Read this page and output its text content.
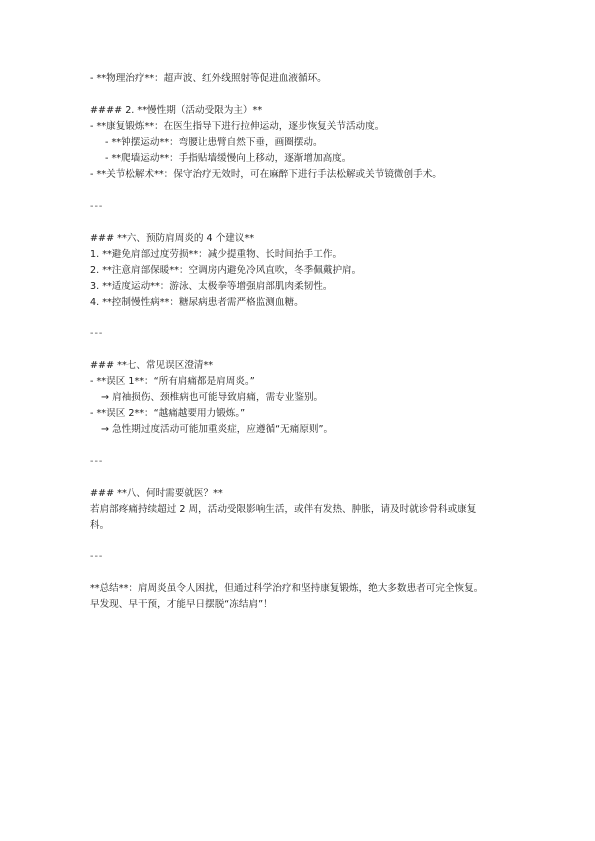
- **物理治疗**：超声波、红外线照射等促进血液循环。
#### 2. **慢性期（活动受限为主）**
- **康复锻炼**：在医生指导下进行拉伸运动，逐步恢复关节活动度。
- **钟摆运动**：弯腰让患臂自然下垂，画圈摆动。
- **爬墙运动**：手指贴墙缓慢向上移动，逐渐增加高度。
- **关节松解术**：保守治疗无效时，可在麻醉下进行手法松解或关节镜微创手术。
---
### **六、预防肩周炎的 4 个建议**
1. **避免肩部过度劳损**：减少提重物、长时间抬手工作。
2. **注意肩部保暖**：空调房内避免冷风直吹，冬季佩戴护肩。
3. **适度运动**：游泳、太极拳等增强肩部肌肉柔韧性。
4. **控制慢性病**：糖尿病患者需严格监测血糖。
---
### **七、常见误区澄清**
- **误区 1**：“所有肩痛都是肩周炎。”
→ 肩袖损伤、颈椎病也可能导致肩痛，需专业鉴别。
- **误区 2**：“越痛越要用力锻炼。”
→ 急性期过度活动可能加重炎症，应遵循“无痛原则”。
---
### **八、何时需要就医？**
若肩部疼痛持续超过 2 周，活动受限影响生活，或伴有发热、肿胀，请及时就诊骨科或康复
科。
---
**总结**：肩周炎虽令人困扰，但通过科学治疗和坚持康复锻炼，绝大多数患者可完全恢复。
早发现、早干预，才能早日摆脱“冻结肩”！
